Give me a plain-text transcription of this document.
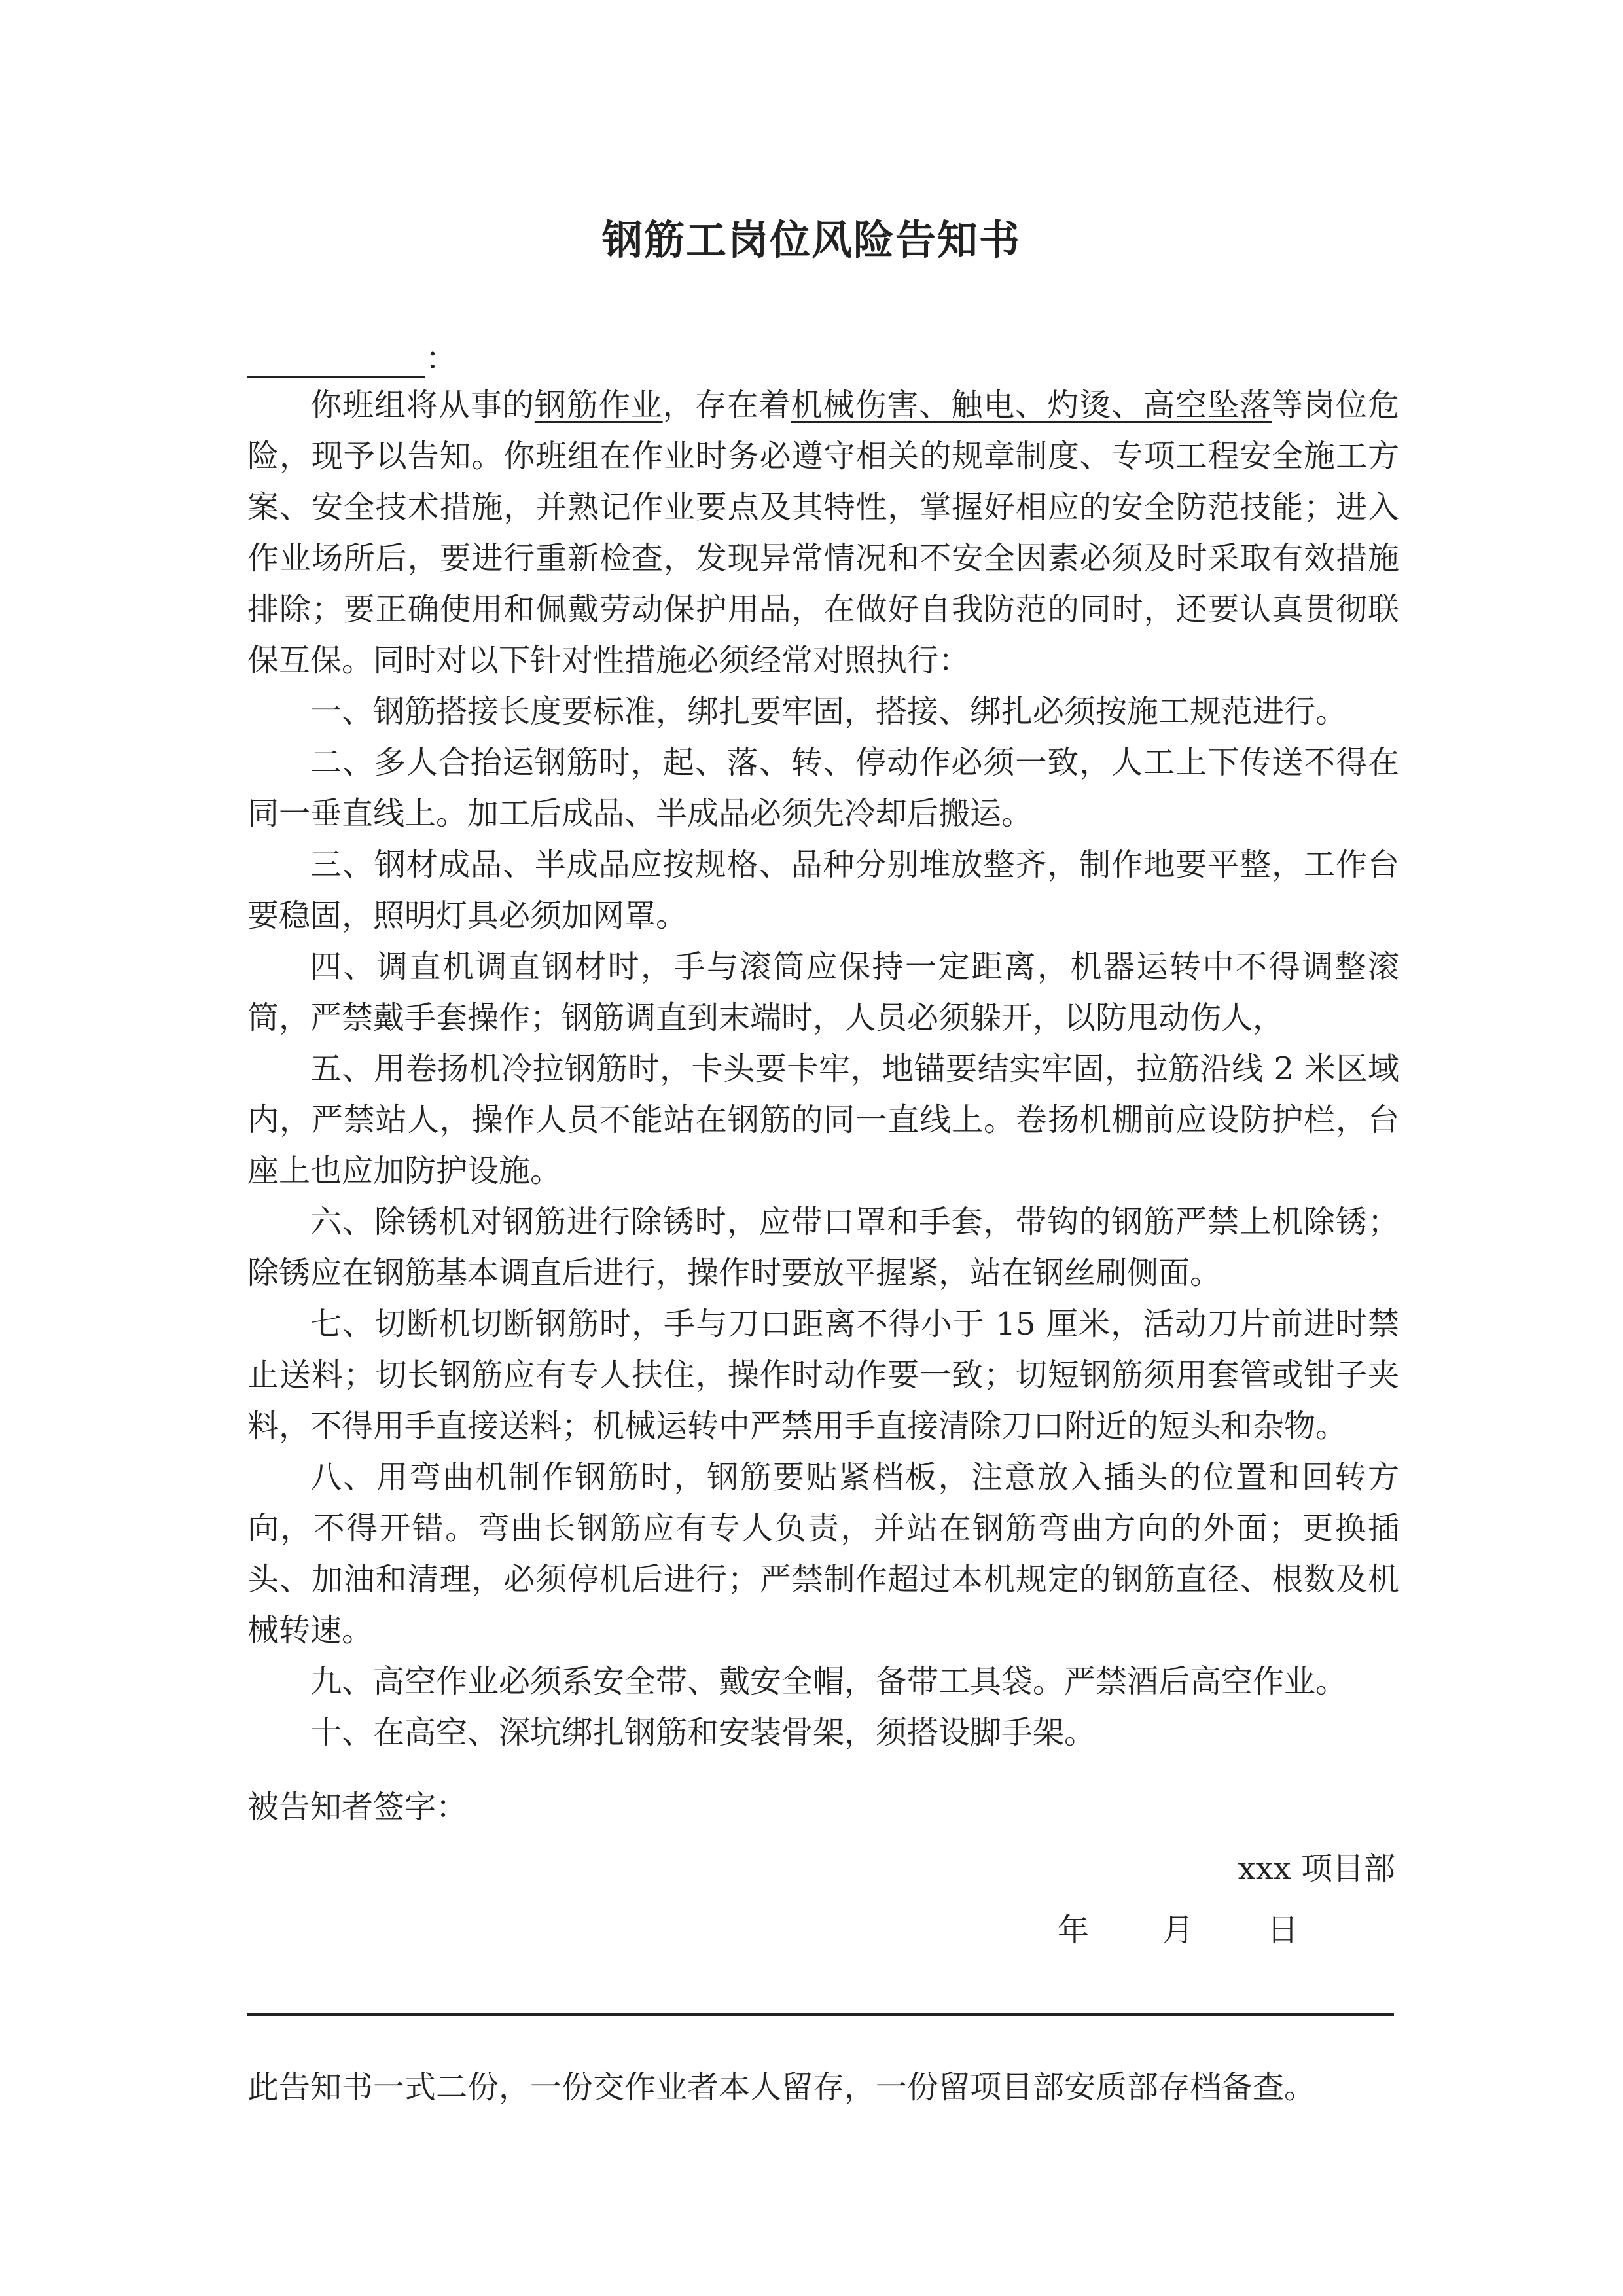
钢筋工岗位风险告知书
：

你班组将从事的钢筋作业，存在着机械伤害、触电、灼烫、高空坠落等岗位危险，现予以告知。你班组在作业时务必遵守相关的规章制度、专项工程安全施工方案、安全技术措施，并熟记作业要点及其特性，掌握好相应的安全防范技能；进入作业场所后，要进行重新检查，发现异常情况和不安全因素必须及时采取有效措施排除；要正确使用和佩戴劳动保护用品，在做好自我防范的同时，还要认真贯彻联保互保。同时对以下针对性措施必须经常对照执行：

一、钢筋搭接长度要标准，绑扎要牢固，搭接、绑扎必须按施工规范进行。

二、多人合抬运钢筋时，起、落、转、停动作必须一致，人工上下传送不得在同一垂直线上。加工后成品、半成品必须先冷却后搬运。

三、钢材成品、半成品应按规格、品种分别堆放整齐，制作地要平整，工作台要稳固，照明灯具必须加网罩。

四、调直机调直钢材时，手与滚筒应保持一定距离，机器运转中不得调整滚筒，严禁戴手套操作；钢筋调直到末端时，人员必须躲开，以防甩动伤人，

五、用卷扬机冷拉钢筋时，卡头要卡牢，地锚要结实牢固，拉筋沿线 2 米区域内，严禁站人，操作人员不能站在钢筋的同一直线上。卷扬机棚前应设防护栏，台座上也应加防护设施。

六、除锈机对钢筋进行除锈时，应带口罩和手套，带钩的钢筋严禁上机除锈；除锈应在钢筋基本调直后进行，操作时要放平握紧，站在钢丝刷侧面。

七、切断机切断钢筋时，手与刀口距离不得小于 15 厘米，活动刀片前进时禁止送料；切长钢筋应有专人扶住，操作时动作要一致；切短钢筋须用套管或钳子夹料，不得用手直接送料；机械运转中严禁用手直接清除刀口附近的短头和杂物。

八、用弯曲机制作钢筋时，钢筋要贴紧档板，注意放入插头的位置和回转方向，不得开错。弯曲长钢筋应有专人负责，并站在钢筋弯曲方向的外面；更换插头、加油和清理，必须停机后进行；严禁制作超过本机规定的钢筋直径、根数及机械转速。

九、高空作业必须系安全带、戴安全帽，备带工具袋。严禁酒后高空作业。

十、在高空、深坑绑扎钢筋和安装骨架，须搭设脚手架。

被告知者签字：
xxx 项目部
年 月 日
此告知书一式二份，一份交作业者本人留存，一份留项目部安质部存档备查。
